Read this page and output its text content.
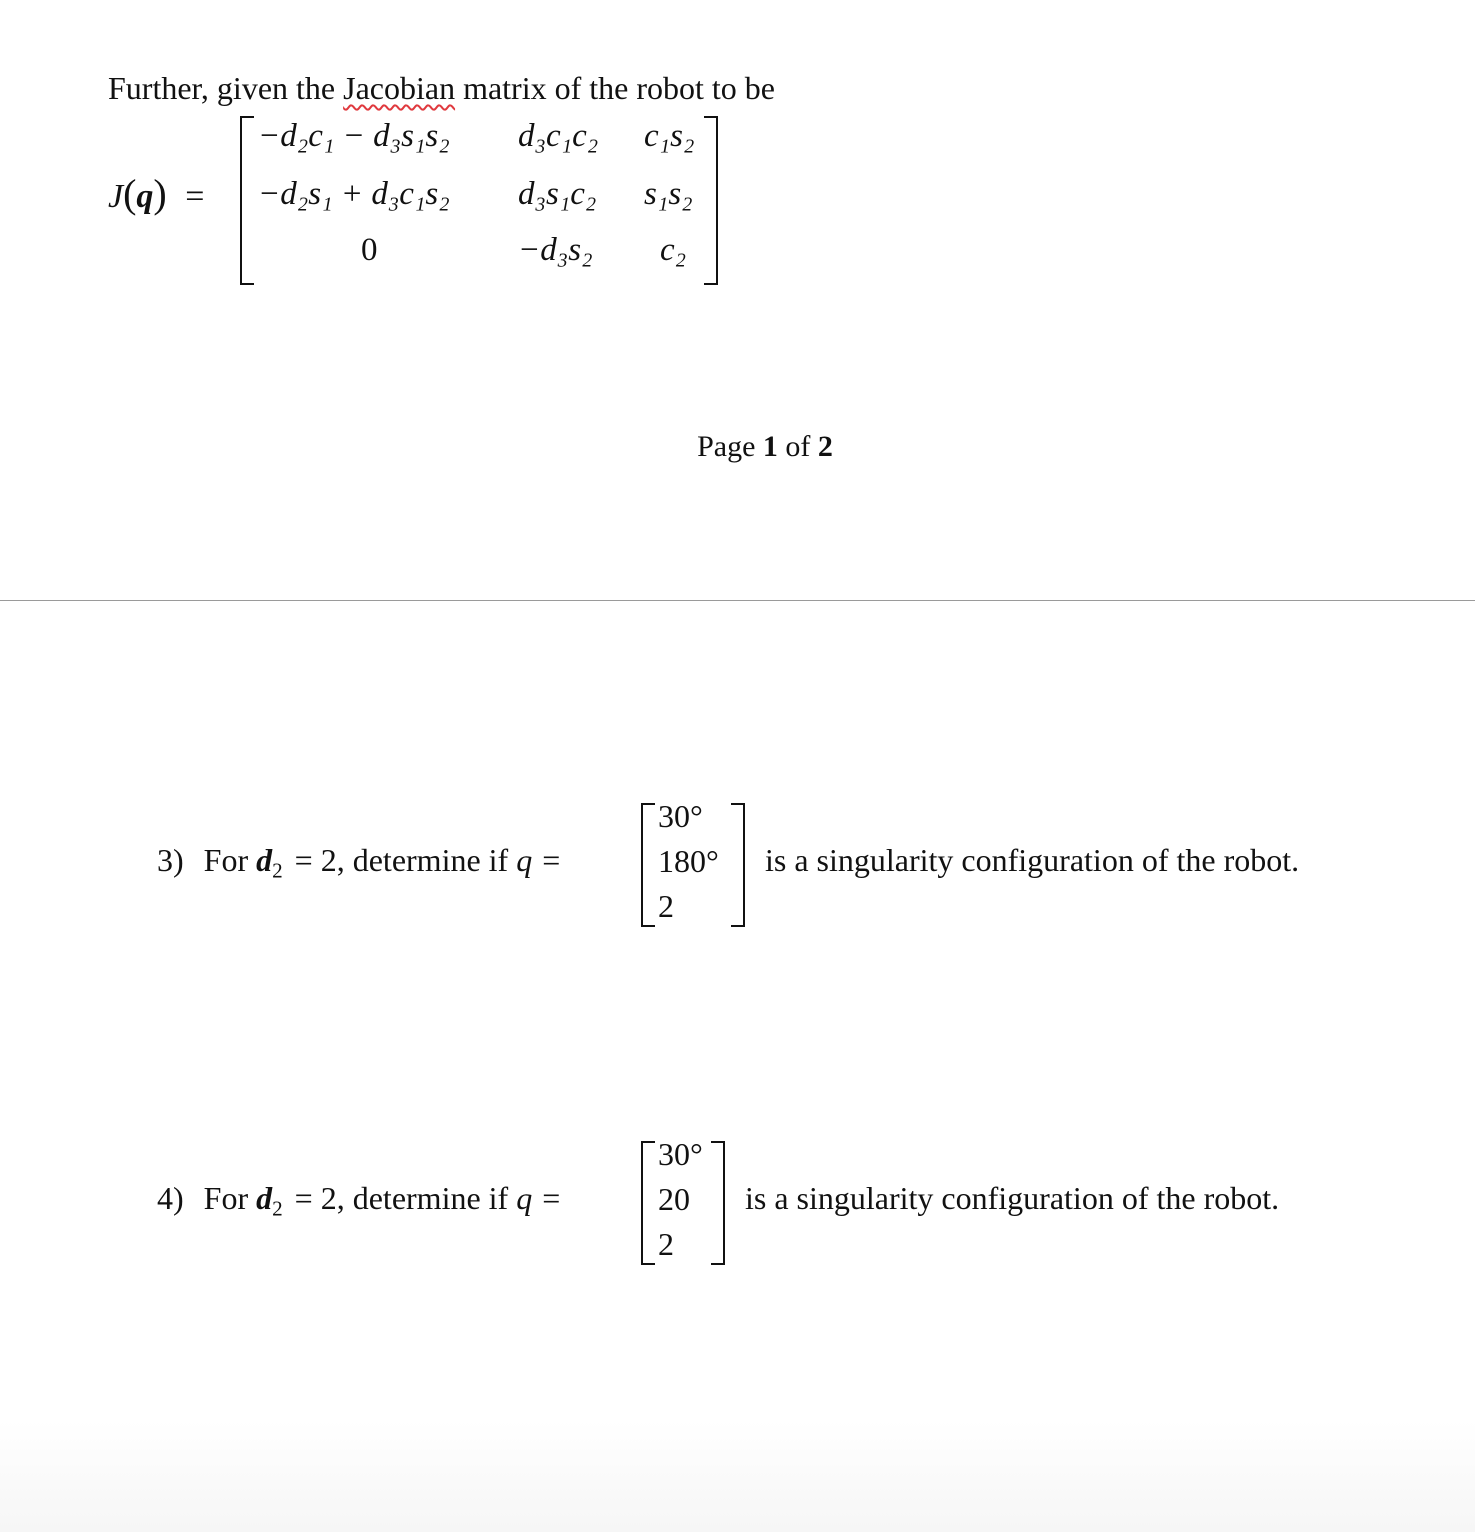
Further, given the Jacobian matrix of the robot to be
J(q) =
−d₂c₁ − d₃s₁s₂ d₃c₁c₂ c₁s₂
−d₂s₁ + d₃c₁s₂ d₃s₁c₂ s₁s₂
0	−d₃s₂ c₂
Page 1 of 2
3) For $d_2 = 2$, determine if q =
30°
180°
2
is a singularity configuration of the robot.
4) For $d_2 = 2$, determine if q =
30°
20
2
is a singularity configuration of the robot.
